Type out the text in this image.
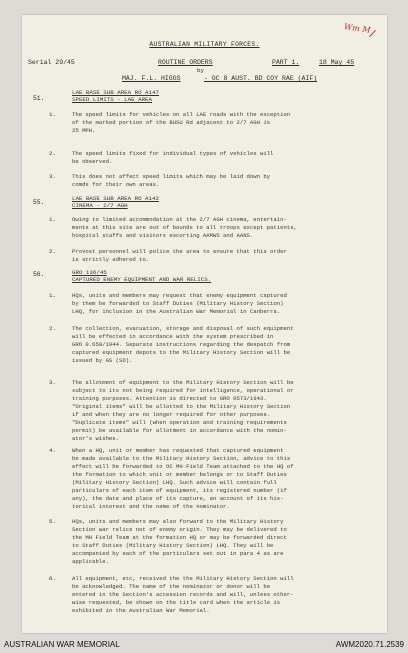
Wm M
AUSTRALIAN MILITARY FORCES.
Serial 29/45	ROUTINE ORDERS	PART 1.	18 May 45
by
MAJ. F.L. HIGGS	- OC 8 AUST. BD COY RAE (AIF)
51.
LAE BASE SUB AREA RO A147
SPEED LIMITS - LAE AREA
1.	The speed limits for vehicles on all LAE roads with the exception
of the marked portion of the BUSU Rd adjacent to 2/7 AGH is
25 MPH.
2.	The speed limits fixed for individual types of vehicles will
be observed.
3.	This does not affect speed limits which may be laid down by
comds for their own areas.
55.
LAE BASE SUB AREA RO A142
CINEMA - 2/7 AGH
1.	Owing to limited accommodation at the 2/7 AGH cinema, entertain-
ments at this site are out of bounds to all troops except patients,
hospital staffs and visitors escorting AAMWS and AANS.
2.	Provost personnel will police the area to ensure that this order
is strictly adhered to.
56.	GRO 136/45
CAPTURED ENEMY EQUIPMENT AND WAR RELICS.
1.	HQs, units and members may request that enemy equipment captured
by them be forwarded to Staff Duties (Military History Section)
LHQ, for inclusion in the Australian War Memorial in Canberra.
2.	The collection, evacuation, storage and disposal of such equipment
will be effected in accordance with the system prescribed in
GRO 0.658/1944. Separate instructions regarding the despatch from
captured equipment depots to the Military History Section will be
issued by GS (SD).
3.	The allotment of equipment to the Military History Section will be
subject to its not being required for intelligence, operational or
training purposes. Attention is directed to GRO 0573/1943.
"Original items" will be allotted to the Military History Section
if and when they are no longer required for other purposes.
"Duplicate items" will (when operation and training requirements
permit) be available for allotment in accordance with the nomin-
ator's wishes.
4.	When a HQ, unit or member has requested that captured equipment
be made available to the Military History Section, advice to this
effect will be forwarded to OC MH Field Team attached to the HQ of
the formation to which unit or member belongs or to Staff Duties
(Military History Section) LHQ. Such advice will contain full
particulars of each item of equipment, its registered number (if
any), the date and place of its capture, an account of its his-
torical interest and the name of the nominator.
5.	HQs, units and members may also forward to the Military History
Section war relics not of enemy origin. They may be delivered to
the MH Field Team at the formation HQ or may be forwarded direct
to Staff Duties (Military History Section) LHQ. They will be
accompanied by each of the particulars set out in para 4 as are
applicable.
6.	All equipment, etc, received the the Military History Section will
be acknowledged. The name of the nominator or donor will be
entered in the Section's accession records and will, unless other-
wise requested, be shown on the title card when the article is
exhibited in the Australian War Memorial.
AUSTRALIAN WAR MEMORIAL	AWM2020.71.2539
